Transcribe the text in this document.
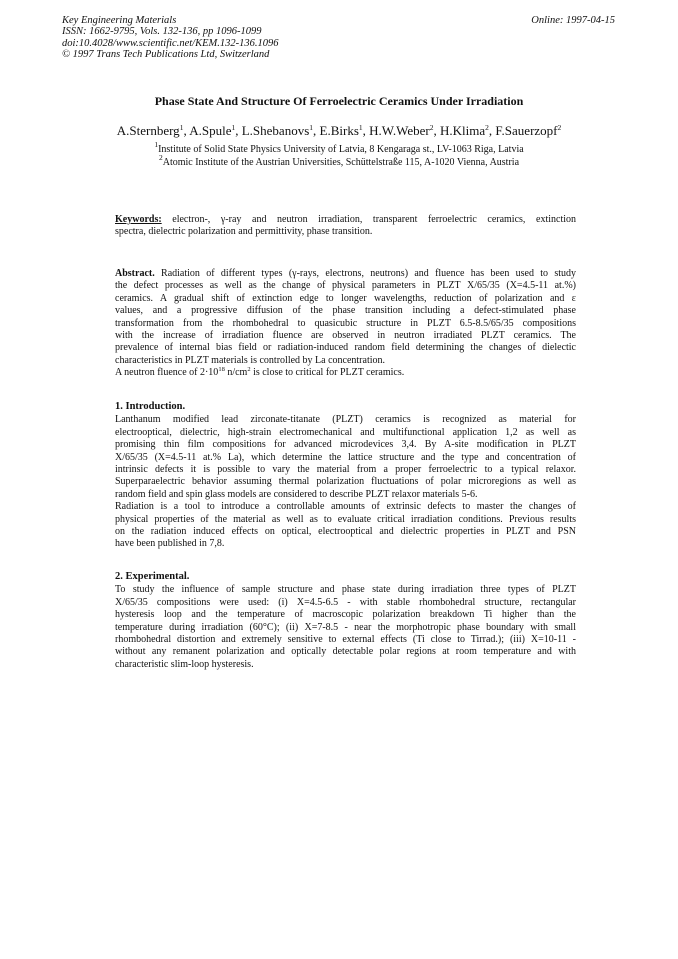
Key Engineering Materials
ISSN: 1662-9795, Vols. 132-136, pp 1096-1099
doi:10.4028/www.scientific.net/KEM.132-136.1096
© 1997 Trans Tech Publications Ltd, Switzerland
Online: 1997-04-15
Phase State And Structure Of Ferroelectric Ceramics Under Irradiation
A.Sternberg$^1$, A.Spule$^1$, L.Shebanovs$^1$, E.Birks$^1$, H.W.Weber$^2$, H.Klima$^2$, F.Sauerzopf$^2$
$^1$Institute of Solid State Physics University of Latvia, 8 Kengaraga st., LV-1063 Riga, Latvia
$^2$Atomic Institute of the Austrian Universities, Schüttelstraße 115, A-1020 Vienna, Austria
Keywords: electron-, γ-ray and neutron irradiation, transparent ferroelectric ceramics, extinction
spectra, dielectric polarization and permittivity, phase transition.
Abstract. Radiation of different types (γ-rays, electrons, neutrons) and fluence has been used to study
the defect processes as well as the change of physical parameters in PLZT X/65/35 (X=4.5-11 at.%)
ceramics. A gradual shift of extinction edge to longer wavelengths, reduction of polarization and ε
values, and a progressive diffusion of the phase transition including a defect-stimulated phase
transformation from the rhombohedral to quasicubic structure in PLZT 6.5-8.5/65/35 compositions
with the increase of irradiation fluence are observed in neutron irradiated PLZT ceramics. The
prevalence of internal bias field or radiation-induced random field determining the changes of dielectic
characteristics in PLZT materials is controlled by La concentration.
A neutron fluence of $2\cdot 10^{18}$ $n/cm^2$ is close to critical for PLZT ceramics.
1. Introduction.
Lanthanum modified lead zirconate-titanate (PLZT) ceramics is recognized as material for
electrooptical, dielectric, high-strain electromechanical and multifunctional application 1,2 as well as
promising thin film compositions for advanced microdevices 3,4. By A-site modification in PLZT
X/65/35 (X=4.5-11 at.% La), which determine the lattice structure and the type and concentration of
intrinsic defects it is possible to vary the material from a proper ferroelectric to a typical relaxor.
Superparaelectric behavior assuming thermal polarization fluctuations of polar microregions as well as
random field and spin glass models are considered to describe PLZT relaxor materials 5-6.
Radiation is a tool to introduce a controllable amounts of extrinsic defects to master the changes of
physical properties of the material as well as to evaluate critical irradiation conditions. Previous results
on the radiation induced effects on optical, electrooptical and dielectric properties in PLZT and PSN
have been published in 7,8.
2. Experimental.
To study the influence of sample structure and phase state during irradiation three types of PLZT
X/65/35 compositions were used: (i) X=4.5-6.5 - with stable rhombohedral structure, rectangular
hysteresis loop and the temperature of macroscopic polarization breakdown Ti higher than the
temperature during irradiation (60°C); (ii) X=7-8.5 - near the morphotropic phase boundary with small
rhombohedral distortion and extremely sensitive to external effects (Ti close to Tirrad.); (iii) X=10-11 -
without any remanent polarization and optically detectable polar regions at room temperature and with
characteristic slim-loop hysteresis.
